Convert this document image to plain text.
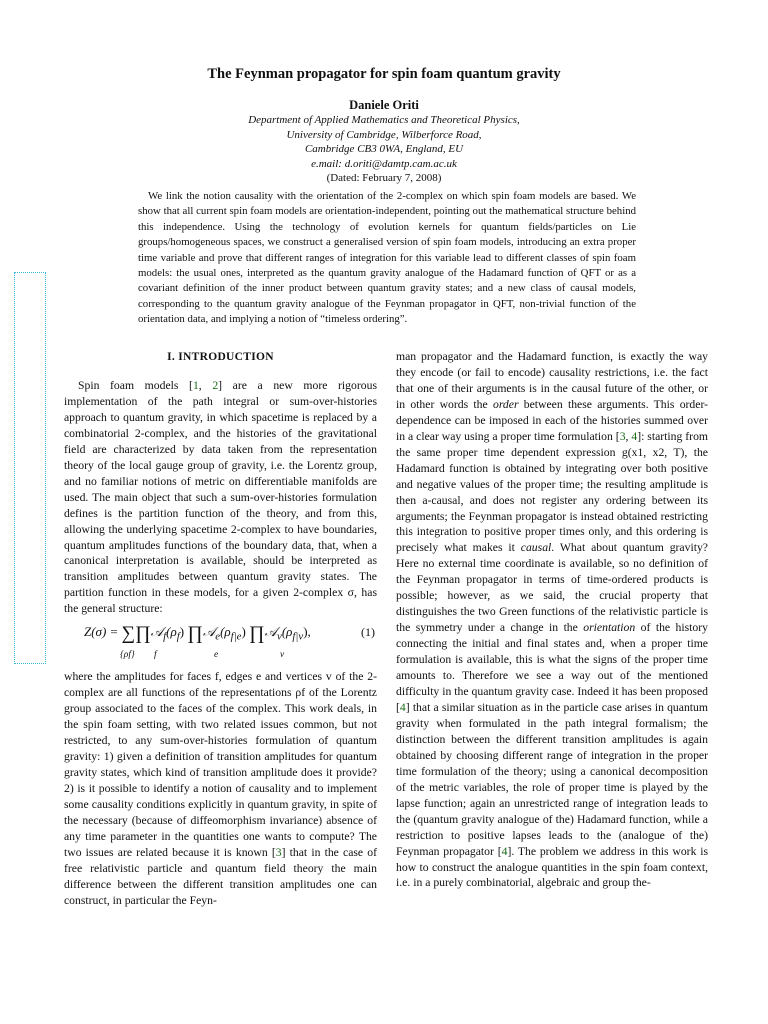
The Feynman propagator for spin foam quantum gravity
Daniele Oriti
Department of Applied Mathematics and Theoretical Physics,
University of Cambridge, Wilberforce Road,
Cambridge CB3 0WA, England, EU
e.mail: d.oriti@damtp.cam.ac.uk
(Dated: February 7, 2008)
We link the notion causality with the orientation of the 2-complex on which spin foam models are based. We show that all current spin foam models are orientation-independent, pointing out the mathematical structure behind this independence. Using the technology of evolution kernels for quantum fields/particles on Lie groups/homogeneous spaces, we construct a generalised version of spin foam models, introducing an extra proper time variable and prove that different ranges of integration for this variable lead to different classes of spin foam models: the usual ones, interpreted as the quantum gravity analogue of the Hadamard function of QFT or as a covariant definition of the inner product between quantum gravity states; and a new class of causal models, corresponding to the quantum gravity analogue of the Feynman propagator in QFT, non-trivial function of the orientation data, and implying a notion of “timeless ordering”.
I. INTRODUCTION

Spin foam models [1, 2] are a new more rigorous implementation of the path integral or sum-over-histories approach to quantum gravity, in which spacetime is replaced by a combinatorial 2-complex, and the histories of the gravitational field are characterized by data taken from the representation theory of the local gauge group of gravity, i.e. the Lorentz group, and no familiar notions of metric on differentiable manifolds are used. The main object that such a sum-over-histories formulation defines is the partition function of the theory, and from this, allowing the underlying spacetime 2-complex to have boundaries, quantum amplitudes functions of the boundary data, that, when a canonical interpretation is available, should be interpreted as transition amplitudes between quantum gravity states. The partition function in these models, for a given 2-complex σ, has the general structure:

$Z(\sigma) = \sum\prod 𝒜_f(\rho_f)$ $\prod 𝒜_e(\rho_{f|e})$ $\prod 𝒜_v(\rho_{f|v})$,
{ρf} f	e	v
(1)

where the amplitudes for faces f, edges e and vertices v of the 2-complex are all functions of the representations ρf of the Lorentz group associated to the faces of the complex. This work deals, in the spin foam setting, with two related issues common, but not restricted, to any sum-over-histories formulation of quantum gravity: 1) given a definition of transition amplitudes for quantum gravity states, which kind of transition amplitude does it provide? 2) is it possible to identify a notion of causality and to implement some causality conditions explicitly in quantum gravity, in spite of the necessary (because of diffeomorphism invariance) absence of any time parameter in the quantities one wants to compute? The two issues are related because it is known [3] that in the case of free relativistic particle and quantum field theory the main difference between the different transition amplitudes one can construct, in particular the Feyn-

man propagator and the Hadamard function, is exactly the way they encode (or fail to encode) causality restrictions, i.e. the fact that one of their arguments is in the causal future of the other, or in other words the order between these arguments. This order-dependence can be imposed in each of the histories summed over in a clear way using a proper time formulation [3, 4]: starting from the same proper time dependent expression g(x1, x2, T), the Hadamard function is obtained by integrating over both positive and negative values of the proper time; the resulting amplitude is then a-causal, and does not register any ordering between its arguments; the Feynman propagator is instead obtained restricting this integration to positive proper times only, and this ordering is precisely what makes it causal. What about quantum gravity? Here no external time coordinate is available, so no definition of the Feynman propagator in terms of time-ordered products is possible; however, as we said, the crucial property that distinguishes the two Green functions of the relativistic particle is the symmetry under a change in the orientation of the history connecting the initial and final states and, when a proper time formulation is available, this is what the signs of the proper time amounts to. Therefore we see a way out of the mentioned difficulty in the quantum gravity case. Indeed it has been proposed [4] that a similar situation as in the particle case arises in quantum gravity when formulated in the path integral formalism; the distinction between the different transition amplitudes is again obtained by choosing different range of integration in the proper time formulation of the theory; using a canonical decomposition of the metric variables, the role of proper time is played by the lapse function; again an unrestricted range of integration leads to the (quantum gravity analogue of the) Hadamard function, while a restriction to positive lapses leads to the (analogue of the) Feynman propagator [4]. The problem we address in this work is how to construct the analogue quantities in the spin foam context, i.e. in a purely combinatorial, algebraic and group the-
